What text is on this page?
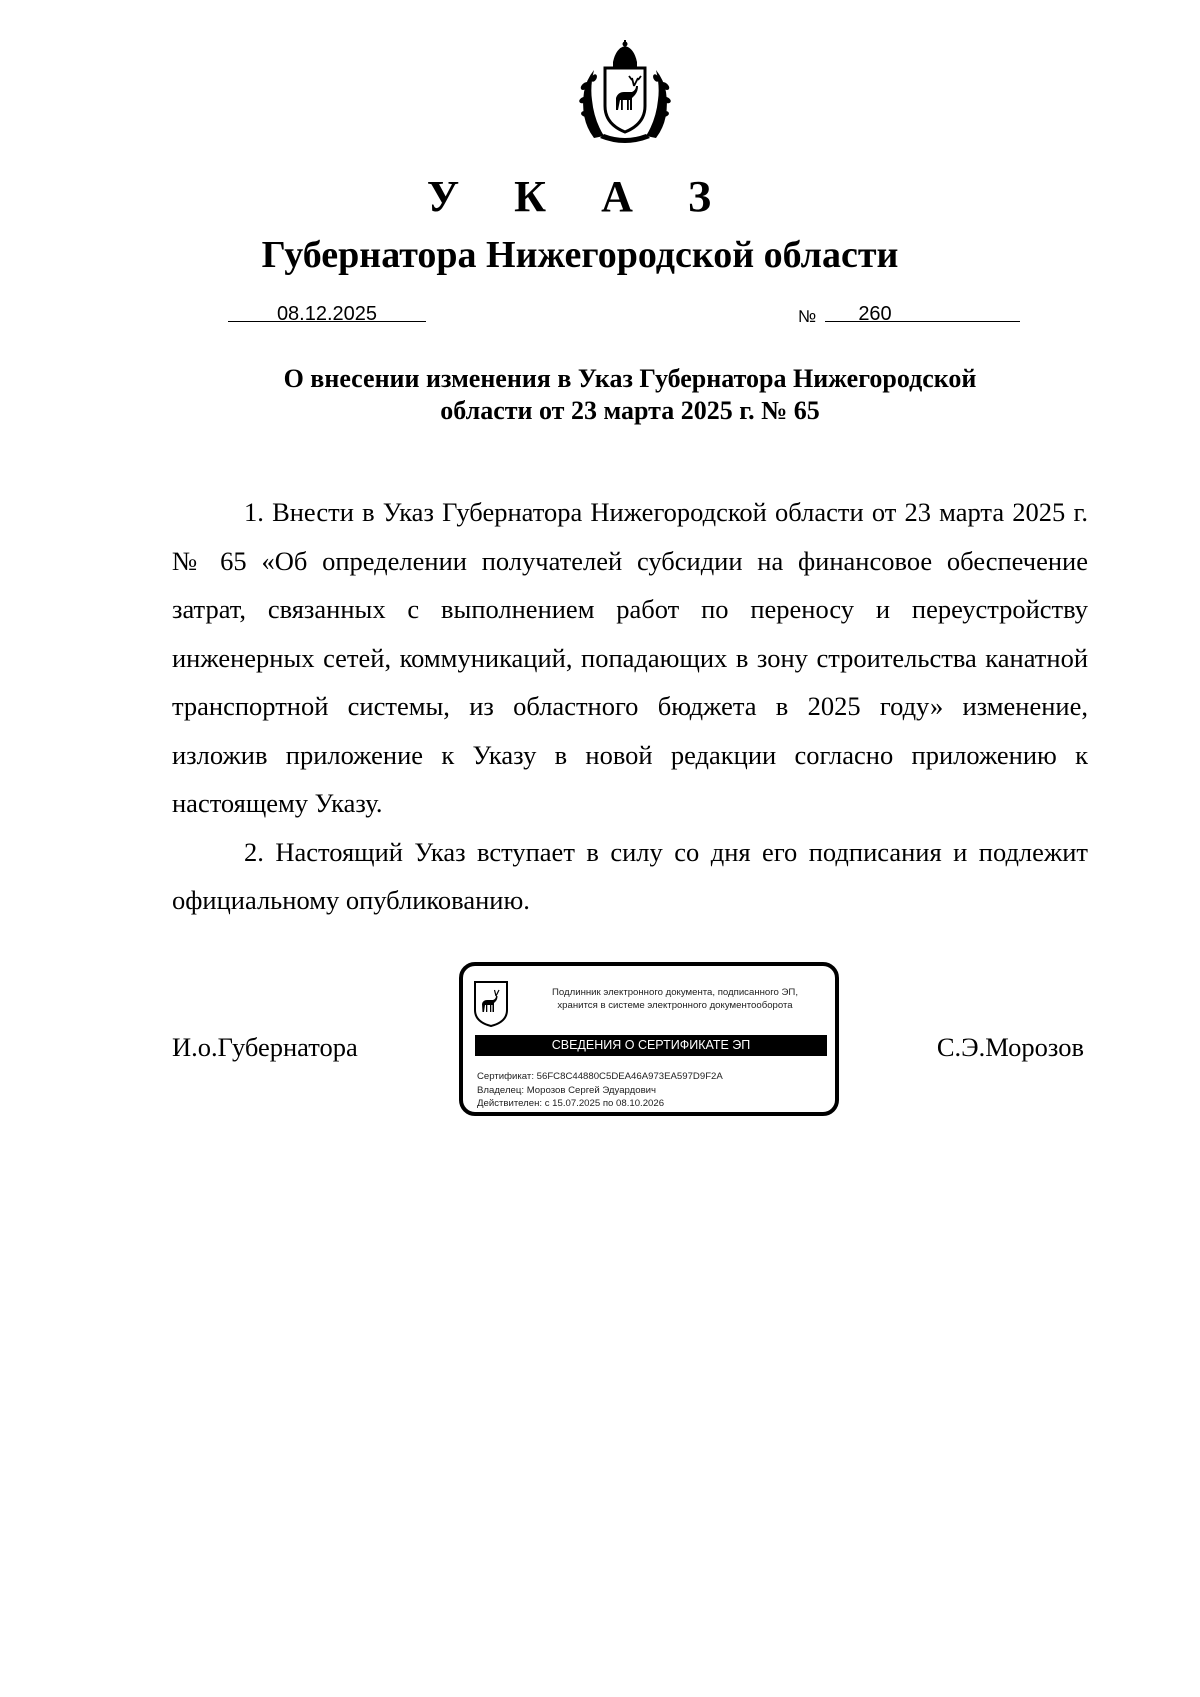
У К А З
Губернатора Нижегородской области
08.12.2025	№	260
О внесении изменения в Указ Губернатора Нижегородской
области от 23 марта 2025 г. № 65

1. Внести в Указ Губернатора Нижегородской области от 23 марта 2025 г. № 65 «Об определении получателей субсидии на финансовое обеспечение затрат, связанных с выполнением работ по переносу и переустройству инженерных сетей, коммуникаций, попадающих в зону строительства канатной транспортной системы, из областного бюджета в 2025 году» изменение, изложив приложение к Указу в новой редакции согласно приложению к настоящему Указу.

2. Настоящий Указ вступает в силу со дня его подписания и подлежит официальному опубликованию.

И.о.Губернатора	С.Э.Морозов
Подлинник электронного документа, подписанного ЭП,
хранится в системе электронного документооборота
СВЕДЕНИЯ О СЕРТИФИКАТЕ ЭП
Сертификат: 56FC8C44880C5DEA46A973EA597D9F2A
Владелец: Морозов Сергей Эдуардович
Действителен: с 15.07.2025 по 08.10.2026
